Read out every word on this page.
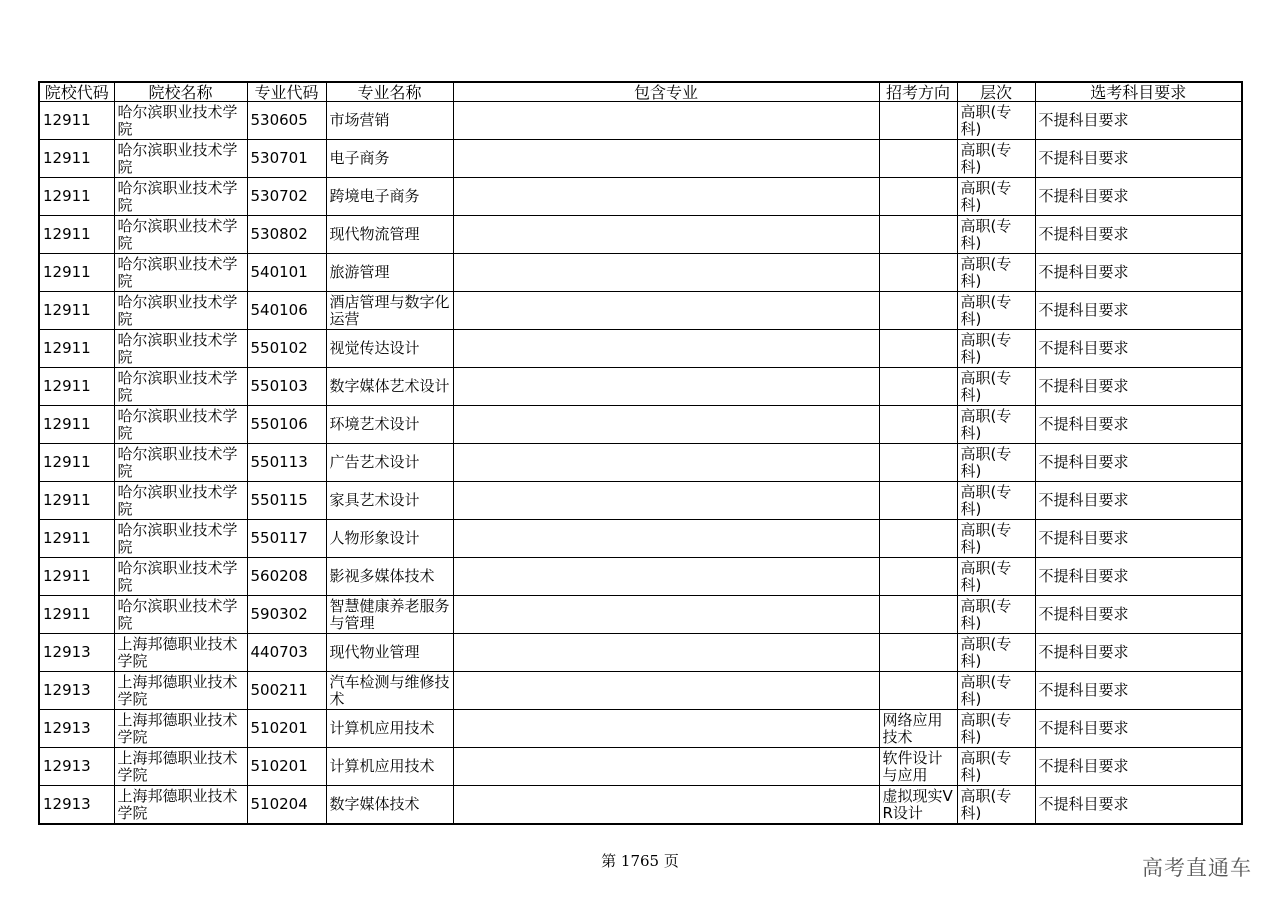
院校代码	院校名称	专业代码	专业名称	包含专业	招考方向	层次	选考科目要求
12911	哈尔滨职业技术学院	530605	市场营销			高职(专科)	不提科目要求
12911	哈尔滨职业技术学院	530701	电子商务			高职(专科)	不提科目要求
12911	哈尔滨职业技术学院	530702	跨境电子商务			高职(专科)	不提科目要求
12911	哈尔滨职业技术学院	530802	现代物流管理			高职(专科)	不提科目要求
12911	哈尔滨职业技术学院	540101	旅游管理			高职(专科)	不提科目要求
12911	哈尔滨职业技术学院	540106	酒店管理与数字化运营			高职(专科)	不提科目要求
12911	哈尔滨职业技术学院	550102	视觉传达设计			高职(专科)	不提科目要求
12911	哈尔滨职业技术学院	550103	数字媒体艺术设计			高职(专科)	不提科目要求
12911	哈尔滨职业技术学院	550106	环境艺术设计			高职(专科)	不提科目要求
12911	哈尔滨职业技术学院	550113	广告艺术设计			高职(专科)	不提科目要求
12911	哈尔滨职业技术学院	550115	家具艺术设计			高职(专科)	不提科目要求
12911	哈尔滨职业技术学院	550117	人物形象设计			高职(专科)	不提科目要求
12911	哈尔滨职业技术学院	560208	影视多媒体技术			高职(专科)	不提科目要求
12911	哈尔滨职业技术学院	590302	智慧健康养老服务与管理			高职(专科)	不提科目要求
12913	上海邦德职业技术学院	440703	现代物业管理			高职(专科)	不提科目要求
12913	上海邦德职业技术学院	500211	汽车检测与维修技术			高职(专科)	不提科目要求
12913	上海邦德职业技术学院	510201	计算机应用技术		网络应用技术	高职(专科)	不提科目要求
12913	上海邦德职业技术学院	510201	计算机应用技术		软件设计与应用	高职(专科)	不提科目要求
12913	上海邦德职业技术学院	510204	数字媒体技术		虚拟现实VR设计	高职(专科)	不提科目要求
第 1765 页	高考直通车
